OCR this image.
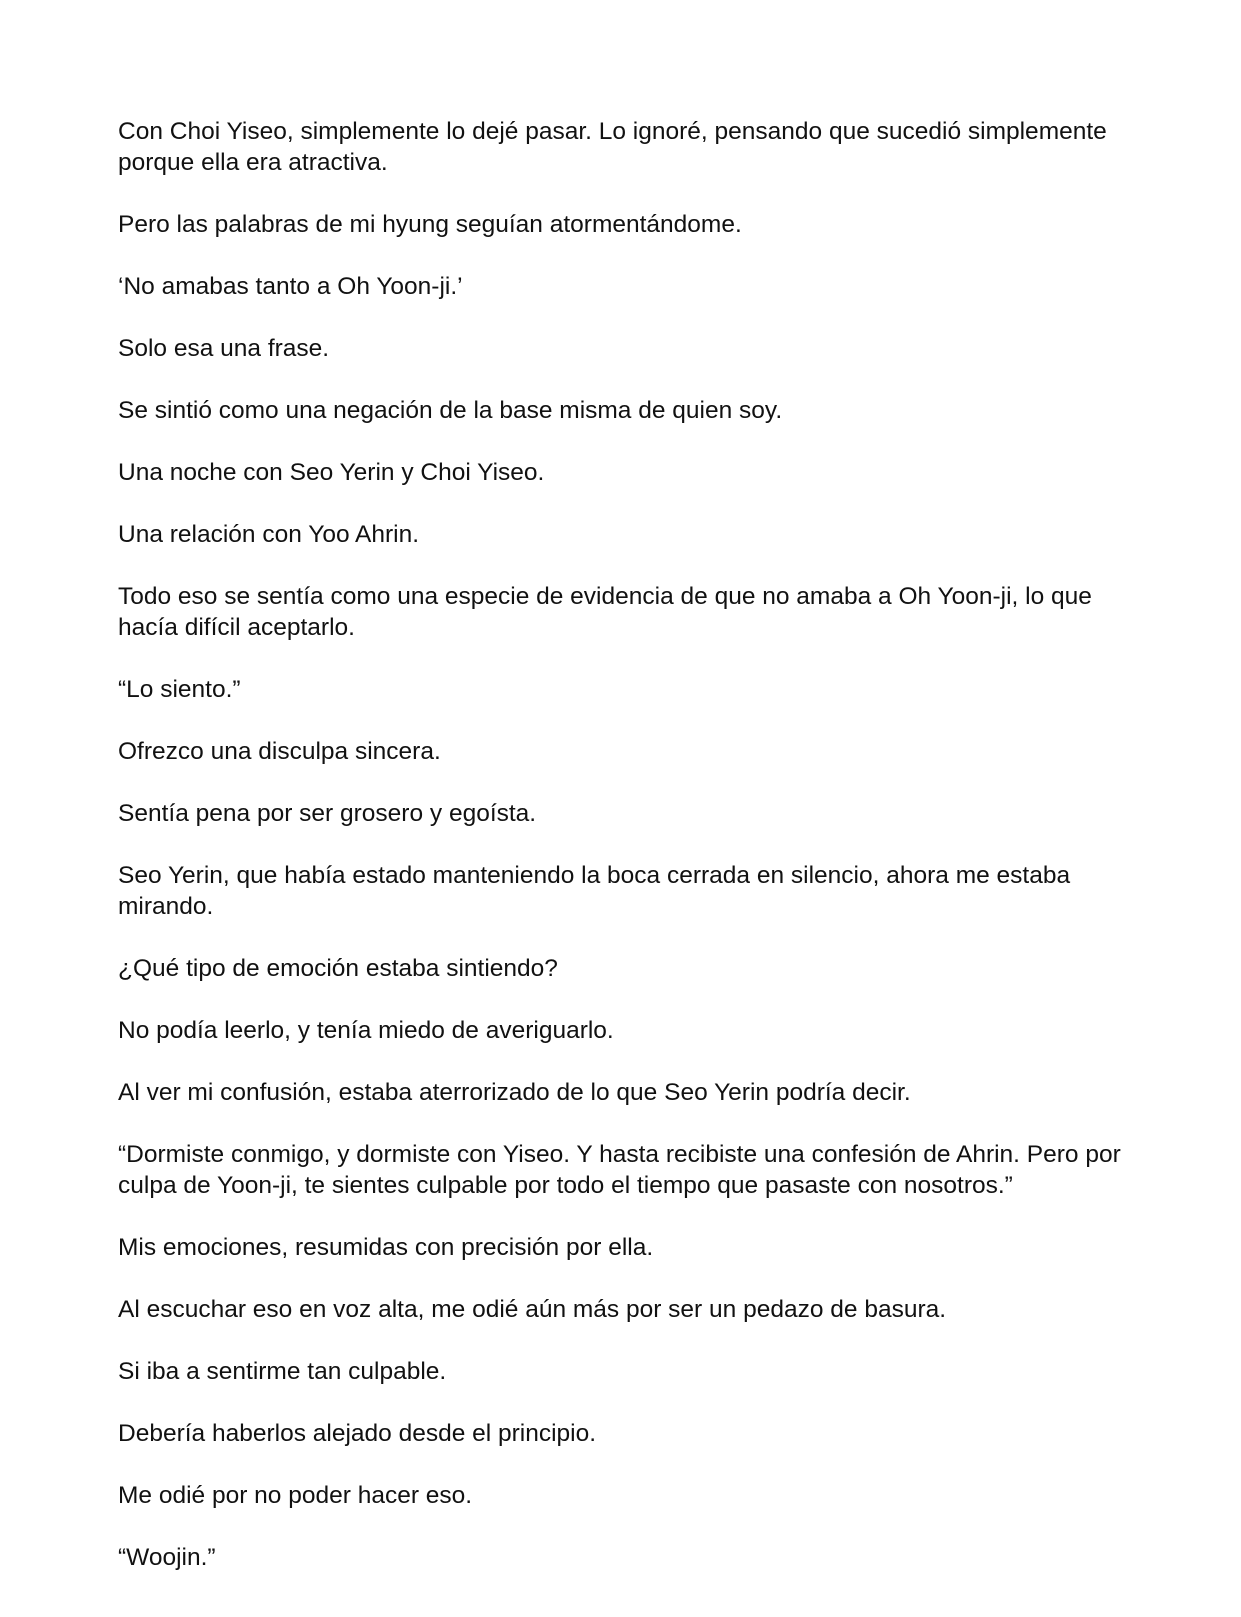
Con Choi Yiseo, simplemente lo dejé pasar. Lo ignoré, pensando que sucedió simplemente porque ella era atractiva.

Pero las palabras de mi hyung seguían atormentándome.

‘No amabas tanto a Oh Yoon-ji.’

Solo esa una frase.

Se sintió como una negación de la base misma de quien soy.

Una noche con Seo Yerin y Choi Yiseo.

Una relación con Yoo Ahrin.

Todo eso se sentía como una especie de evidencia de que no amaba a Oh Yoon-ji, lo que hacía difícil aceptarlo.

“Lo siento.”

Ofrezco una disculpa sincera.

Sentía pena por ser grosero y egoísta.

Seo Yerin, que había estado manteniendo la boca cerrada en silencio, ahora me estaba mirando.

¿Qué tipo de emoción estaba sintiendo?

No podía leerlo, y tenía miedo de averiguarlo.

Al ver mi confusión, estaba aterrorizado de lo que Seo Yerin podría decir.

“Dormiste conmigo, y dormiste con Yiseo. Y hasta recibiste una confesión de Ahrin. Pero por culpa de Yoon-ji, te sientes culpable por todo el tiempo que pasaste con nosotros.”

Mis emociones, resumidas con precisión por ella.

Al escuchar eso en voz alta, me odié aún más por ser un pedazo de basura.

Si iba a sentirme tan culpable.

Debería haberlos alejado desde el principio.

Me odié por no poder hacer eso.

“Woojin.”
